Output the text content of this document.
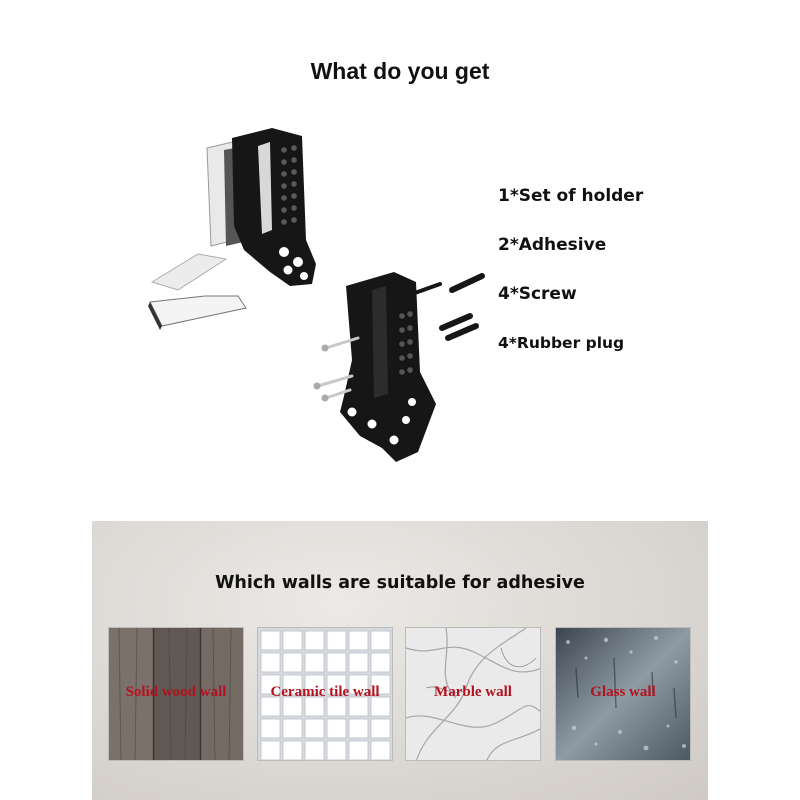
What do you get
1*Set of holder
2*Adhesive
4*Screw
4*Rubber plug
Which walls are suitable for adhesive
Solid wood wall	Ceramic tile wall	Marble wall	Glass wall
